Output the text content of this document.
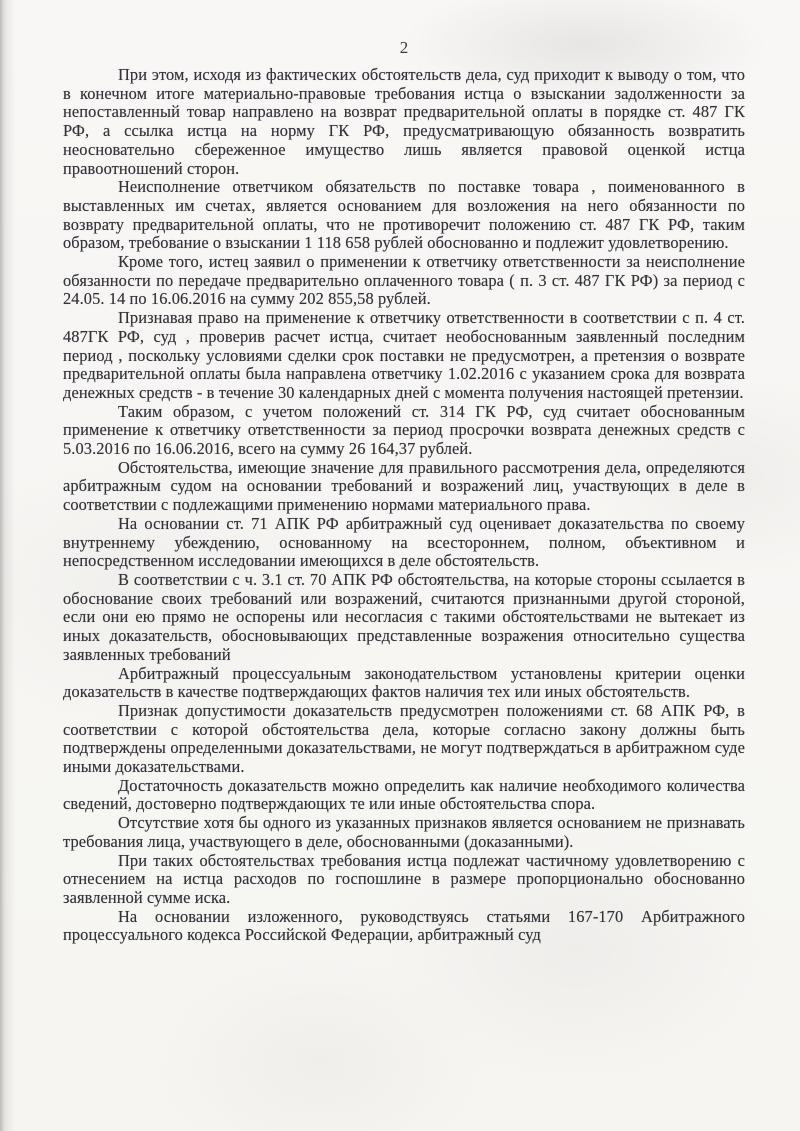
2

При этом, исходя из фактических обстоятельств дела, суд приходит к выводу о том, что в конечном итоге материально-правовые требования истца о взыскании задолженности за непоставленный товар направлено на возврат предварительной оплаты в порядке ст. 487 ГК РФ, а ссылка истца на норму ГК РФ, предусматривающую обязанность возвратить неосновательно сбереженное имущество лишь является правовой оценкой истца правоотношений сторон.

Неисполнение ответчиком обязательств по поставке товара , поименованного в выставленных им счетах, является основанием для возложения на него обязанности по возврату предварительной оплаты, что не противоречит положению ст. 487 ГК РФ, таким образом, требование о взыскании 1 118 658 рублей обоснованно и подлежит удовлетворению.

Кроме того, истец заявил о применении к ответчику ответственности за неисполнение обязанности по передаче предварительно оплаченного товара ( п. 3 ст. 487 ГК РФ) за период с 24.05. 14 по 16.06.2016 на сумму 202 855,58 рублей.

Признавая право на применение к ответчику ответственности в соответствии с п. 4 ст. 487ГК РФ, суд , проверив расчет истца, считает необоснованным заявленный последним период , поскольку условиями сделки срок поставки не предусмотрен, а претензия о возврате предварительной оплаты была направлена ответчику 1.02.2016 с указанием срока для возврата денежных средств - в течение 30 календарных дней с момента получения настоящей претензии.

Таким образом, с учетом положений ст. 314 ГК РФ, суд считает обоснованным применение к ответчику ответственности за период просрочки возврата денежных средств с 5.03.2016 по 16.06.2016, всего на сумму 26 164,37 рублей.

Обстоятельства, имеющие значение для правильного рассмотрения дела, определяются арбитражным судом на основании требований и возражений лиц, участвующих в деле в соответствии с подлежащими применению нормами материального права.

На основании ст. 71 АПК РФ арбитражный суд оценивает доказательства по своему внутреннему убеждению, основанному на всестороннем, полном, объективном и непосредственном исследовании имеющихся в деле обстоятельств.

В соответствии с ч. 3.1 ст. 70 АПК РФ обстоятельства, на которые стороны ссылается в обоснование своих требований или возражений, считаются признанными другой стороной, если они ею прямо не оспорены или несогласия с такими обстоятельствами не вытекает из иных доказательств, обосновывающих представленные возражения относительно существа заявленных требований

Арбитражный процессуальным законодательством установлены критерии оценки доказательств в качестве подтверждающих фактов наличия тех или иных обстоятельств.

Признак допустимости доказательств предусмотрен положениями ст. 68 АПК РФ, в соответствии с которой обстоятельства дела, которые согласно закону должны быть подтверждены определенными доказательствами, не могут подтверждаться в арбитражном суде иными доказательствами.

Достаточность доказательств можно определить как наличие необходимого количества сведений, достоверно подтверждающих те или иные обстоятельства спора.

Отсутствие хотя бы одного из указанных признаков является основанием не признавать требования лица, участвующего в деле, обоснованными (доказанными).

При таких обстоятельствах требования истца подлежат частичному удовлетворению с отнесением на истца расходов по госпошлине в размере пропорционально обоснованно заявленной сумме иска.

На основании изложенного, руководствуясь статьями 167-170 Арбитражного процессуального кодекса Российской Федерации, арбитражный суд
